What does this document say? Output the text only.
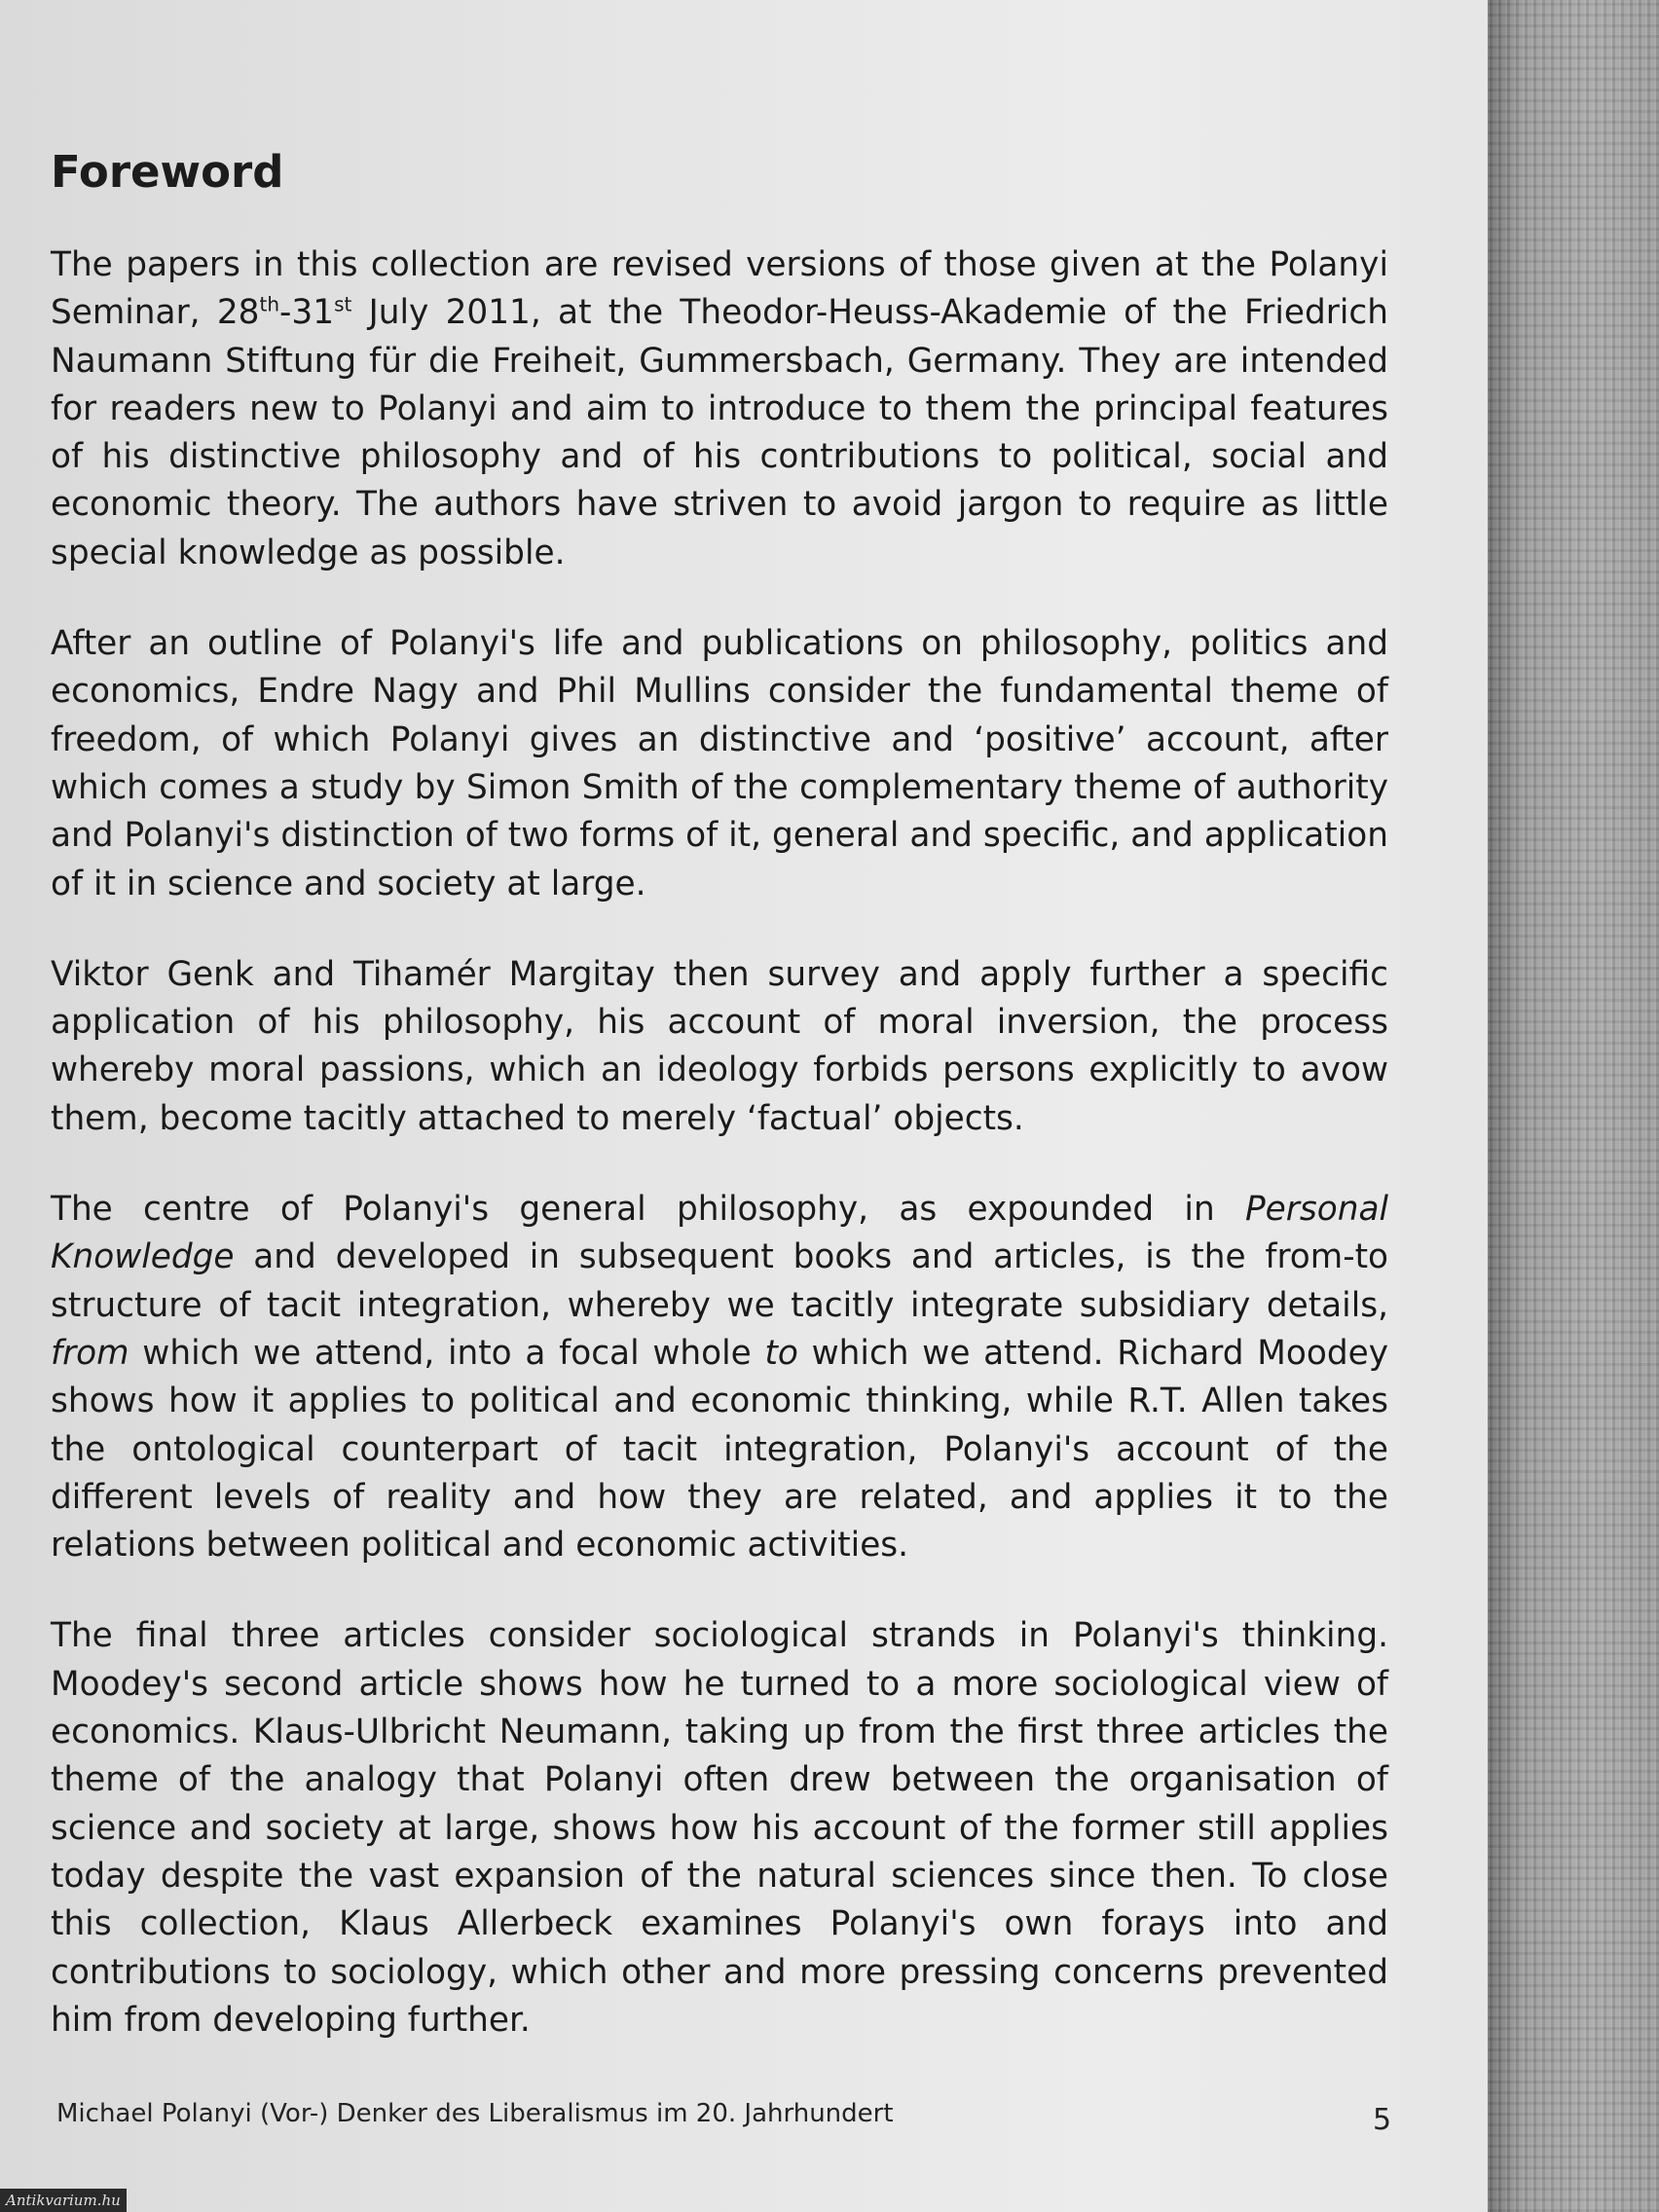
Foreword

The papers in this collection are revised versions of those given at the Polanyi Seminar, 28th-31st July 2011, at the Theodor-Heuss-Akademie of the Friedrich Naumann Stiftung für die Freiheit, Gummersbach, Germany. They are intended for readers new to Polanyi and aim to introduce to them the principal features of his distinctive philosophy and of his contributions to political, social and economic theory. The authors have striven to avoid jargon to require as little special knowledge as possible.

After an outline of Polanyi's life and publications on philosophy, politics and economics, Endre Nagy and Phil Mullins consider the fundamental theme of freedom, of which Polanyi gives an distinctive and ‘positive’ account, after which comes a study by Simon Smith of the complementary theme of authority and Polanyi's distinction of two forms of it, general and specific, and application of it in science and society at large.

Viktor Genk and Tihamér Margitay then survey and apply further a specific application of his philosophy, his account of moral inversion, the process whereby moral passions, which an ideology forbids persons explicitly to avow them, become tacitly attached to merely ‘factual’ objects.

The centre of Polanyi's general philosophy, as expounded in Personal Knowledge and developed in subsequent books and articles, is the from-to structure of tacit integration, whereby we tacitly integrate subsidiary details, from which we attend, into a focal whole to which we attend. Richard Moodey shows how it applies to political and economic thinking, while R.T. Allen takes the ontological counterpart of tacit integration, Polanyi's account of the different levels of reality and how they are related, and applies it to the relations between political and economic activities.

The final three articles consider sociological strands in Polanyi's thinking. Moodey's second article shows how he turned to a more sociological view of economics. Klaus-Ulbricht Neumann, taking up from the first three articles the theme of the analogy that Polanyi often drew between the organisation of science and society at large, shows how his account of the former still applies today despite the vast expansion of the natural sciences since then. To close this collection, Klaus Allerbeck examines Polanyi's own forays into and contributions to sociology, which other and more pressing concerns prevented him from developing further.

Michael Polanyi (Vor-) Denker des Liberalismus im 20. Jahrhundert	5
Antikvarium.hu
